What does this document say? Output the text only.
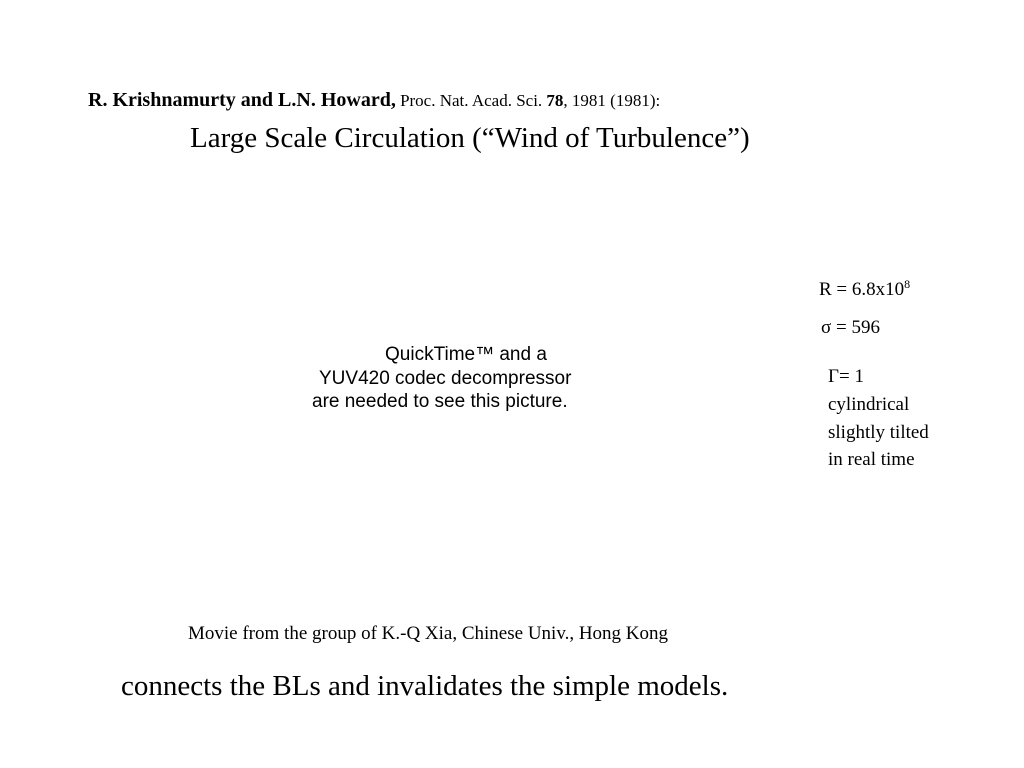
R. Krishnamurty and L.N. Howard, Proc. Nat. Acad. Sci. 78, 1981 (1981):
Large Scale Circulation (“Wind of Turbulence”)
QuickTime™ and a
YUV420 codec decompressor
are needed to see this picture.
$R = 6.8x10^8$
σ = 596
Γ= 1
cylindrical
slightly tilted
in real time
Movie from the group of K.-Q Xia, Chinese Univ., Hong Kong
connects the BLs and invalidates the simple models.
